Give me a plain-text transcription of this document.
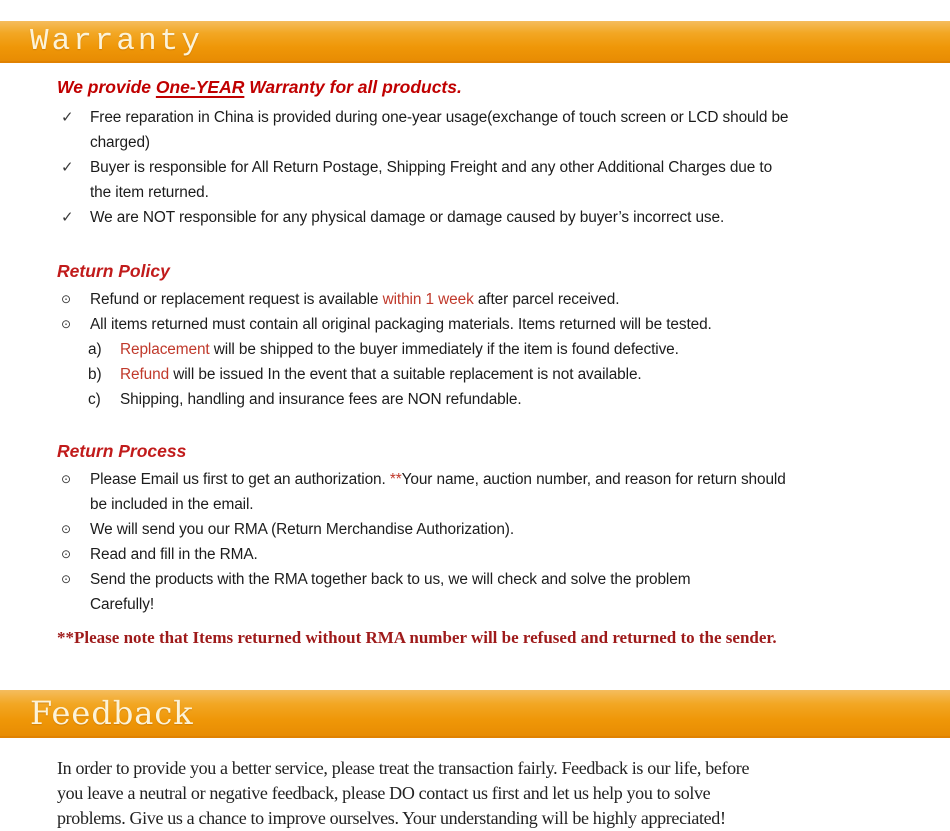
Warranty
We provide One-YEAR Warranty for all products.
✓	Free reparation in China is provided during one-year usage(exchange of touch screen or LCD should be
charged)
✓	Buyer is responsible for All Return Postage, Shipping Freight and any other Additional Charges due to
the item returned.
✓	We are NOT responsible for any physical damage or damage caused by buyer’s incorrect use.
Return Policy
⊙	Refund or replacement request is available within 1 week after parcel received.
⊙	All items returned must contain all original packaging materials. Items returned will be tested.
a)	Replacement will be shipped to the buyer immediately if the item is found defective.
b)	Refund will be issued In the event that a suitable replacement is not available.
c)	Shipping, handling and insurance fees are NON refundable.
Return Process
⊙	Please Email us first to get an authorization. **Your name, auction number, and reason for return should
be included in the email.
⊙	We will send you our RMA (Return Merchandise Authorization).
⊙	Read and fill in the RMA.
⊙	Send the products with the RMA together back to us, we will check and solve the problem
Carefully!
**Please note that Items returned without RMA number will be refused and returned to the sender.
Feedback
In order to provide you a better service, please treat the transaction fairly. Feedback is our life, before
you leave a neutral or negative feedback, please DO contact us first and let us help you to solve
problems. Give us a chance to improve ourselves. Your understanding will be highly appreciated!
